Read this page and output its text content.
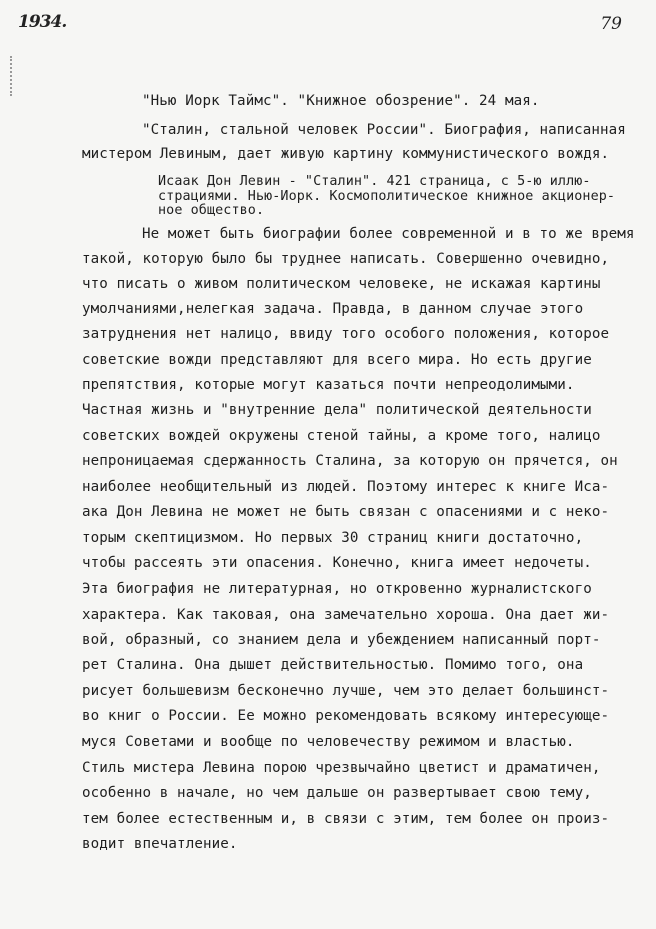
1934.	79
"Нью Иорк Таймс". "Книжное обозрение". 24 мая.
"Сталин, стальной человек России". Биография, написанная
мистером Левиным, дает живую картину коммунистического вождя.
Исаак Дон Левин - "Сталин". 421 страница, с 5-ю иллю-
страциями. Нью-Иорк. Космополитическое книжное акционер-
ное общество.
Не может быть биографии более современной и в то же время
такой, которую было бы труднее написать. Совершенно очевидно,
что писать о живом политическом человеке, не искажая картины
умолчаниями,нелегкая задача. Правда, в данном случае этого
затруднения нет налицо, ввиду того особого положения, которое
советские вожди представляют для всего мира. Но есть другие
препятствия, которые могут казаться почти непреодолимыми.
Частная жизнь и "внутренние дела" политической деятельности
советских вождей окружены стеной тайны, а кроме того, налицо
непроницаемая сдержанность Сталина, за которую он прячется, он
наиболее необщительный из людей. Поэтому интерес к книге Иса-
ака Дон Левина не может не быть связан с опасениями и с неко-
торым скептицизмом. Но первых 30 страниц книги достаточно,
чтобы рассеять эти опасения. Конечно, книга имеет недочеты.
Эта биография не литературная, но откровенно журналистского
характера. Как таковая, она замечательно хороша. Она дает жи-
вой, образный, со знанием дела и убеждением написанный порт-
рет Сталина. Она дышет действительностью. Помимо того, она
рисует большевизм бесконечно лучше, чем это делает большинст-
во книг о России. Ее можно рекомендовать всякому интересующе-
муся Советами и вообще по человечеству режимом и властью.
Стиль мистера Левина порою чрезвычайно цветист и драматичен,
особенно в начале, но чем дальше он развертывает свою тему,
тем более естественным и, в связи с этим, тем более он произ-
водит впечатление.
